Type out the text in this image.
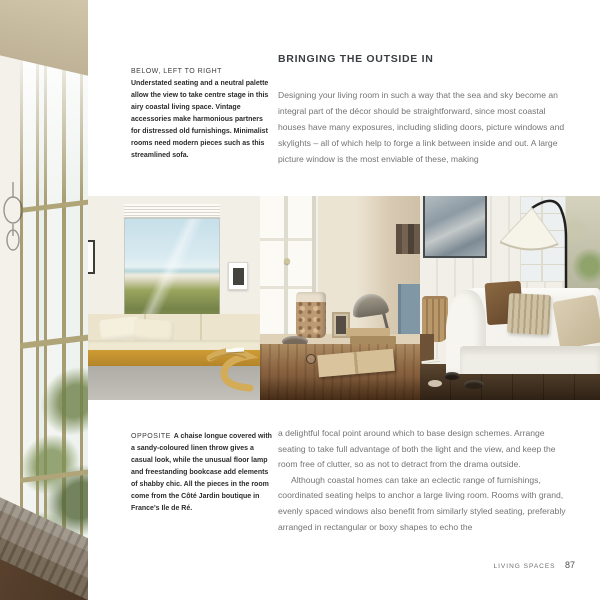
BELOW, LEFT TO RIGHT
Understated seating and a neutral palette allow the view to take centre stage in this airy coastal living space. Vintage accessories make harmonious partners for distressed old furnishings. Minimalist rooms need modern pieces such as this streamlined sofa.
BRINGING THE OUTSIDE IN

Designing your living room in such a way that the sea and sky become an integral part of the décor should be straightforward, since most coastal houses have many exposures, including sliding doors, picture windows and skylights – all of which help to forge a link between inside and out. A large picture window is the most enviable of these, making

OPPOSITE A chaise longue covered with a sandy-coloured linen throw gives a casual look, while the unusual floor lamp and freestanding bookcase add elements of shabby chic. All the pieces in the room come from the Côté Jardin boutique in France's Ile de Ré.
a delightful focal point around which to base design schemes. Arrange seating to take full advantage of both the light and the view, and keep the room free of clutter, so as not to detract from the drama outside.
Although coastal homes can take an eclectic range of furnishings, coordinated seating helps to anchor a large living room. Rooms with grand, evenly spaced windows also benefit from similarly styled seating, preferably arranged in rectangular or boxy shapes to echo the
LIVING SPACES 87
